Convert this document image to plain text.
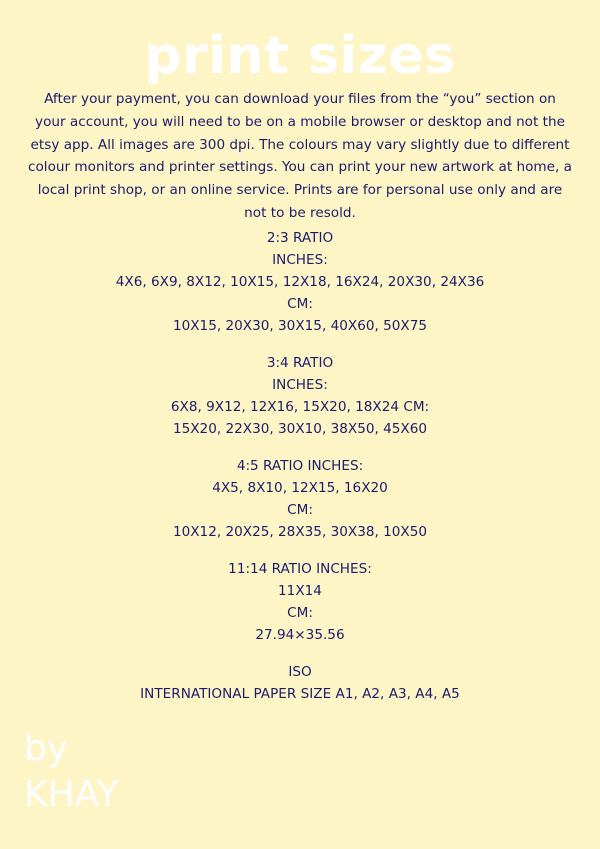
print sizes

After your payment, you can download your files from the “you” section on your account, you will need to be on a mobile browser or desktop and not the etsy app. All images are 300 dpi. The colours may vary slightly due to different colour monitors and printer settings. You can print your new artwork at home, a local print shop, or an online service. Prints are for personal use only and are not to be resold.

2:3 RATIO
INCHES:
4X6, 6X9, 8X12, 10X15, 12X18, 16X24, 20X30, 24X36
CM:
10X15, 20X30, 30X15, 40X60, 50X75
3:4 RATIO
INCHES:
6X8, 9X12, 12X16, 15X20, 18X24 CM:
15X20, 22X30, 30X10, 38X50, 45X60
4:5 RATIO INCHES:
4X5, 8X10, 12X15, 16X20
CM:
10X12, 20X25, 28X35, 30X38, 10X50
11:14 RATIO INCHES:
11X14
CM:
27.94×35.56
ISO
INTERNATIONAL PAPER SIZE A1, A2, A3, A4, A5
by
KHAY
